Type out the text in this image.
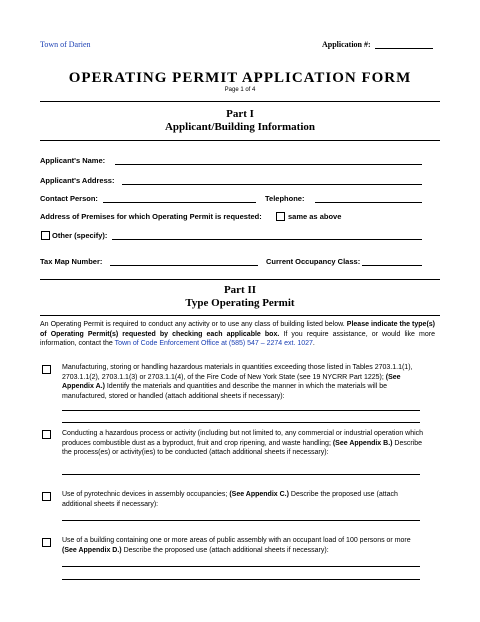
Town of Darien	Application #:
OPERATING PERMIT APPLICATION FORM
Page 1 of 4
Part I
Applicant/Building Information
Applicant's Name:
Applicant's Address:
Contact Person:	Telephone:
Address of Premises for which Operating Permit is requested:	same as above
Other (specify):
Tax Map Number:	Current Occupancy Class:
Part II
Type Operating Permit
An Operating Permit is required to conduct any activity or to use any class of building listed below. Please indicate the type(s) of Operating Permit(s) requested by checking each applicable box. If you require assistance, or would like more information, contact the Town of Code Enforcement Office at (585) 547 – 2274 ext. 1027.
Manufacturing, storing or handling hazardous materials in quantities exceeding those listed in Tables 2703.1.1(1), 2703.1.1(2), 2703.1.1(3) or 2703.1.1(4), of the Fire Code of New York State (see 19 NYCRR Part 1225); (See Appendix A.) Identify the materials and quantities and describe the manner in which the materials will be manufactured, stored or handled (attach additional sheets if necessary):
Conducting a hazardous process or activity (including but not limited to, any commercial or industrial operation which produces combustible dust as a byproduct, fruit and crop ripening, and waste handling; (See Appendix B.) Describe the process(es) or activity(ies) to be conducted (attach additional sheets if necessary):
Use of pyrotechnic devices in assembly occupancies; (See Appendix C.) Describe the proposed use (attach additional sheets if necessary):
Use of a building containing one or more areas of public assembly with an occupant load of 100 persons or more (See Appendix D.) Describe the proposed use (attach additional sheets if necessary):
